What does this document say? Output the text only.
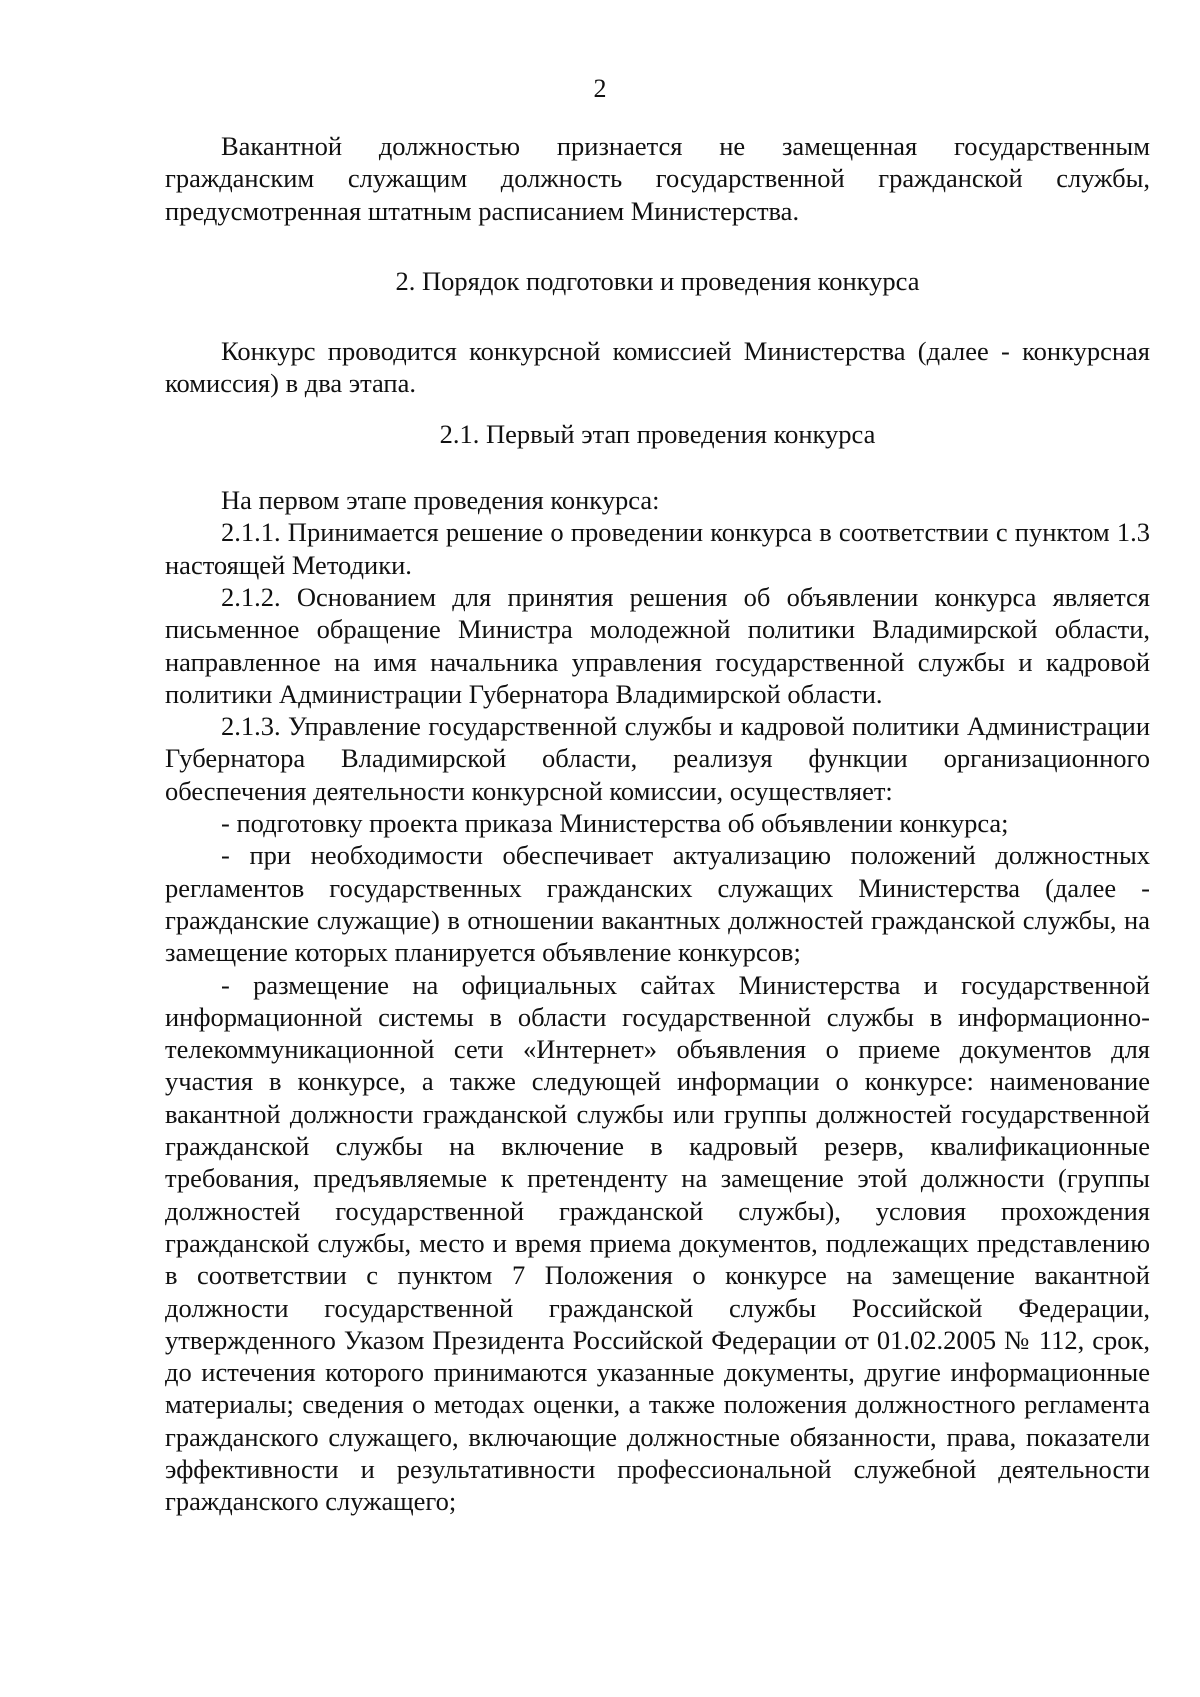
2

Вакантной должностью признается не замещенная государственным гражданским служащим должность государственной гражданской службы, предусмотренная штатным расписанием Министерства.

2. Порядок подготовки и проведения конкурса

Конкурс проводится конкурсной комиссией Министерства (далее - конкурсная комиссия) в два этапа.

2.1. Первый этап проведения конкурса

На первом этапе проведения конкурса:

2.1.1. Принимается решение о проведении конкурса в соответствии с пунктом 1.3 настоящей Методики.

2.1.2. Основанием для принятия решения об объявлении конкурса является письменное обращение Министра молодежной политики Владимирской области, направленное на имя начальника управления государственной службы и кадровой политики Администрации Губернатора Владимирской области.

2.1.3. Управление государственной службы и кадровой политики Администрации Губернатора Владимирской области, реализуя функции организационного обеспечения деятельности конкурсной комиссии, осуществляет:

- подготовку проекта приказа Министерства об объявлении конкурса;

- при необходимости обеспечивает актуализацию положений должностных регламентов государственных гражданских служащих Министерства (далее - гражданские служащие) в отношении вакантных должностей гражданской службы, на замещение которых планируется объявление конкурсов;

- размещение на официальных сайтах Министерства и государственной информационной системы в области государственной службы в информационно-телекоммуникационной сети «Интернет» объявления о приеме документов для участия в конкурсе, а также следующей информации о конкурсе: наименование вакантной должности гражданской службы или группы должностей государственной гражданской службы на включение в кадровый резерв, квалификационные требования, предъявляемые к претенденту на замещение этой должности (группы должностей государственной гражданской службы), условия прохождения гражданской службы, место и время приема документов, подлежащих представлению в соответствии с пунктом 7 Положения о конкурсе на замещение вакантной должности государственной гражданской службы Российской Федерации, утвержденного Указом Президента Российской Федерации от 01.02.2005 № 112, срок, до истечения которого принимаются указанные документы, другие информационные материалы; сведения о методах оценки, а также положения должностного регламента гражданского служащего, включающие должностные обязанности, права, показатели эффективности и результативности профессиональной служебной деятельности гражданского служащего;
